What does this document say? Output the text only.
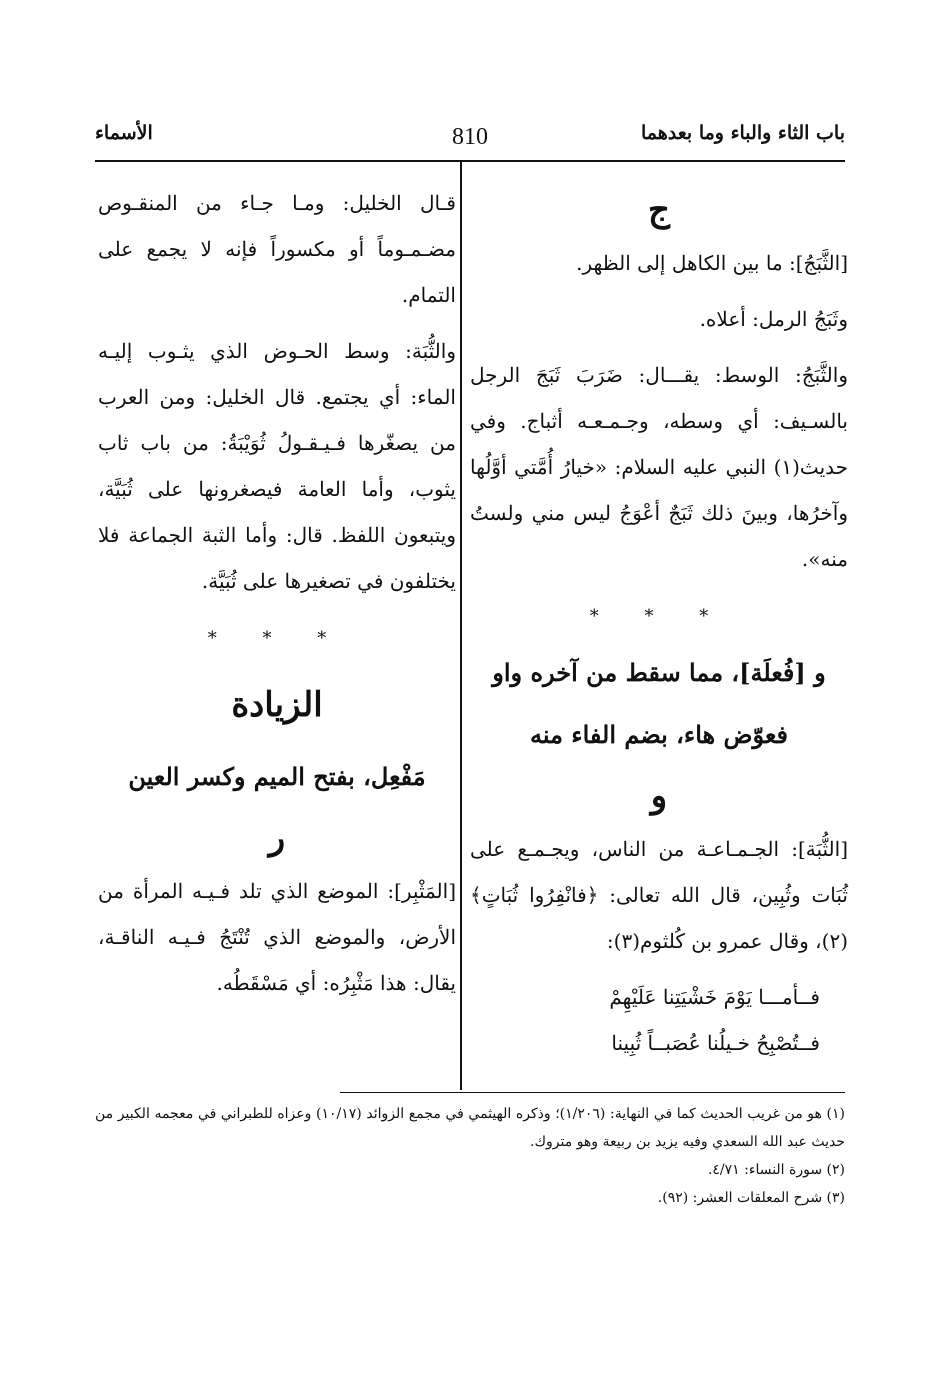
باب الثاء والباء وما بعدهما
810
الأسماء
ج

[الثَّبَجُ]: ما بين الكاهل إلى الظهر.

وثَبَجُ الرمل: أعلاه.

والثَّبَجُ: الوسط: يقـــال: ضَرَبَ ثَبَجَ الرجل بالسـيف: أي وسطه، وجـمـعـه أثباج. وفي حديث(١) النبي عليه السلام: «خيارُ أُمَّتي أوَّلُها وآخرُها، وبينَ ذلك ثَبَجٌ أعْوَجُ ليس مني ولستُ منه».

* * *
و [فُعلَة]، مما سقط من آخره واو
فعوّض هاء، بضم الفاء منه
و

[الثُّبَة]: الجـمـاعـة من الناس، ويجـمـع على ثُبَات وثُبِين، قال الله تعالى: ﴿فانْفِرُوا ثُبَاتٍ﴾(٢)، وقال عمرو بن كُلثوم(٣):

فــأمـــا يَوْمَ خَشْيَتِنا عَلَيْهِمْ
فــتُصْبِحُ خـيلُنا عُصَبــاً ثُبِينا

قـال الخليل: ومـا جـاء من المنقـوص مضـمـوماً أو مكسوراً فإنه لا يجمع على التمام.

والثُّبَة: وسط الحـوض الذي يثـوب إليـه الماء: أي يجتمع. قال الخليل: ومن العرب من يصغّرها فـيـقـولُ ثُوَيْبَةُ: من باب ثاب يثوب، وأما العامة فيصغرونها على ثُبَيَّة، ويتبعون اللفظ. قال: وأما الثبة الجماعة فلا يختلفون في تصغيرها على ثُبَيَّة.

* * *
الزيادة
مَفْعِل، بفتح الميم وكسر العين
ر

[المَثْبِر]: الموضع الذي تلد فـيـه المرأة من الأرض، والموضع الذي تُنْتَجُ فـيـه الناقـة، يقال: هذا مَثْبِرُه: أي مَسْقَطُه.

(١) هو من غريب الحديث كما في النهاية: (١/٢٠٦)؛ وذكره الهيثمي في مجمع الزوائد (١٠/١٧) وعزاه للطبراني في معجمه الكبير من حديث عبد الله السعدي وفيه يزيد بن ربيعة وهو متروك.

(٢) سورة النساء: ٤/٧١.

(٣) شرح المعلقات العشر: (٩٢).
